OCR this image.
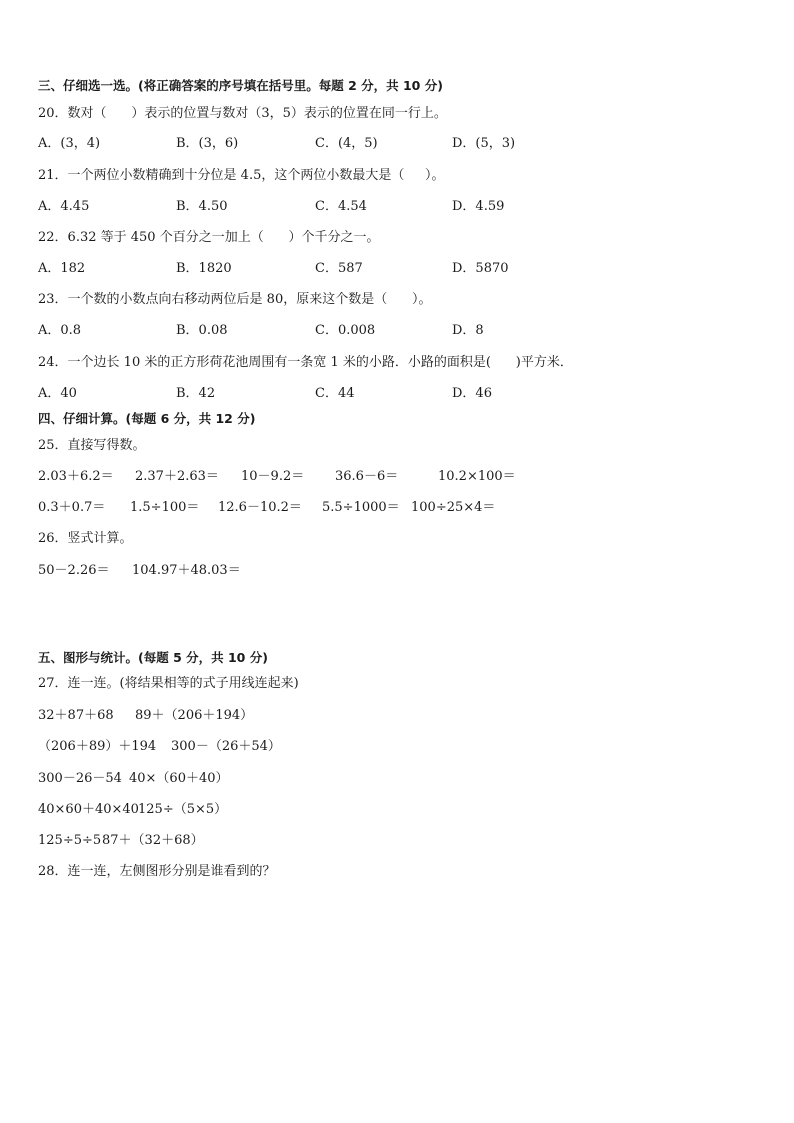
三、仔细选一选。(将正确答案的序号填在括号里。每题 2 分，共 10 分)
20．数对（      ）表示的位置与数对（3，5）表示的位置在同一行上。
A．(3，4)	B．(3，6)	C．(4，5)	D．(5，3)
21．一个两位小数精确到十分位是 4.5，这个两位小数最大是（     ）。
A．4.45	B．4.50	C．4.54	D．4.59
22．6.32 等于 450 个百分之一加上（      ）个千分之一。
A．182	B．1820	C．587	D．5870
23．一个数的小数点向右移动两位后是 80，原来这个数是（      ）。
A．0.8	B．0.08	C．0.008	D．8
24．一个边长 10 米的正方形荷花池周围有一条宽 1 米的小路．小路的面积是(      )平方米．
A．40	B．42	C．44	D．46
四、仔细计算。(每题 6 分，共 12 分)
25．直接写得数。
2.03＋6.2＝ 2.37＋2.63＝ 10－9.2＝ 36.6－6＝	10.2×100＝
0.3＋0.7＝ 1.5÷100＝ 12.6－10.2＝ 5.5÷1000＝ 100÷25×4＝
26．竖式计算。
50－2.26＝ 104.97＋48.03＝
五、图形与统计。(每题 5 分，共 10 分)
27．连一连。(将结果相等的式子用线连起来)
32＋87＋68 89＋（206＋194）
（206＋89）＋194 300－（26＋54）
300－26－54 40×（60＋40）
40×60＋40×40 125÷（5×5）
125÷5÷5 87＋（32＋68）
28．连一连，左侧图形分别是谁看到的？
